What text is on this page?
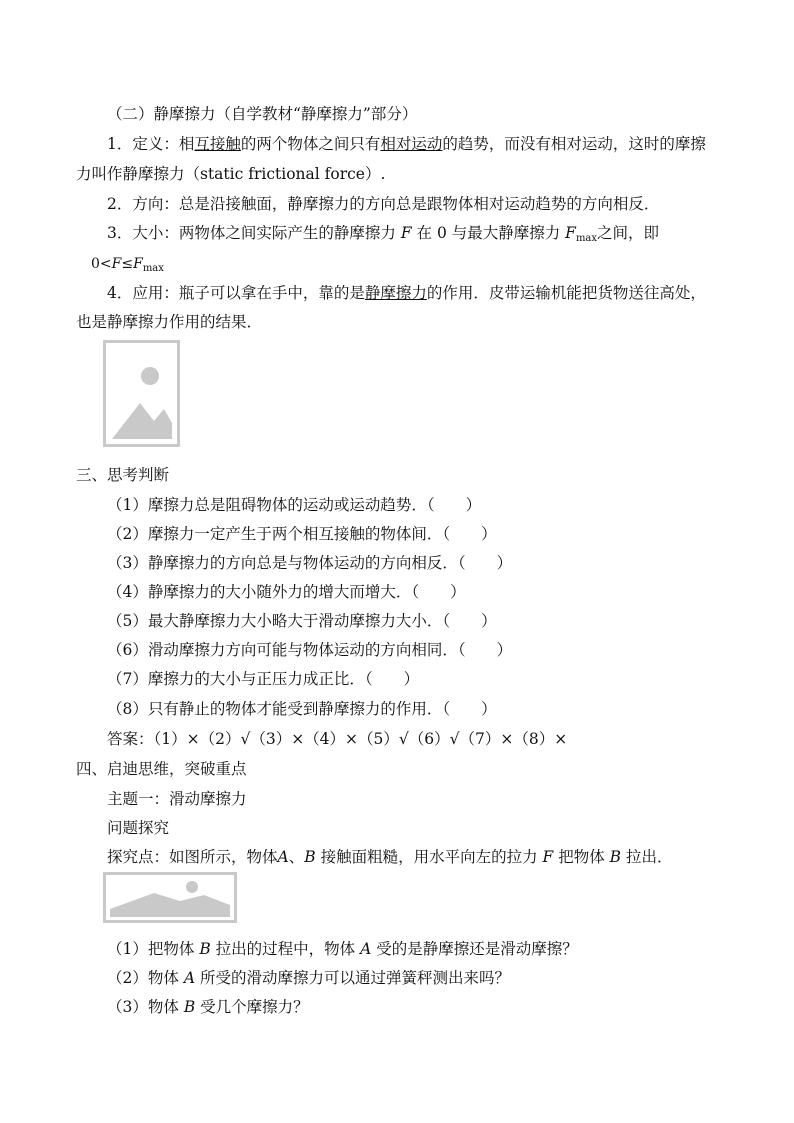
（二）静摩擦力（自学教材“静摩擦力”部分）
1．定义：相互接触的两个物体之间只有相对运动的趋势，而没有相对运动，这时的摩擦
力叫作静摩擦力（static frictional force）.
2．方向：总是沿接触面，静摩擦力的方向总是跟物体相对运动趋势的方向相反．
3．大小：两物体之间实际产生的静摩擦力 F 在 0 与最大静摩擦力 $F_{max}$之间，即
$0<F\le F_{max}$
4．应用：瓶子可以拿在手中，靠的是静摩擦力的作用．皮带运输机能把货物送往高处，
也是静摩擦力作用的结果．
三、思考判断
（1）摩擦力总是阻碍物体的运动或运动趋势．（　　）
（2）摩擦力一定产生于两个相互接触的物体间．（　　）
（3）静摩擦力的方向总是与物体运动的方向相反．（　　）
（4）静摩擦力的大小随外力的增大而增大．（　　）
（5）最大静摩擦力大小略大于滑动摩擦力大小．（　　）
（6）滑动摩擦力方向可能与物体运动的方向相同．（　　）
（7）摩擦力的大小与正压力成正比．（　　）
（8）只有静止的物体才能受到静摩擦力的作用．（　　）
答案：（1）×（2）√（3）×（4）×（5）√（6）√（7）×（8）×
四、启迪思维，突破重点
主题一：滑动摩擦力
问题探究
探究点：如图所示，物体A、B 接触面粗糙，用水平向左的拉力 F 把物体 B 拉出．
（1）把物体 B 拉出的过程中，物体 A 受的是静摩擦还是滑动摩擦？
（2）物体 A 所受的滑动摩擦力可以通过弹簧秤测出来吗？
（3）物体 B 受几个摩擦力？
